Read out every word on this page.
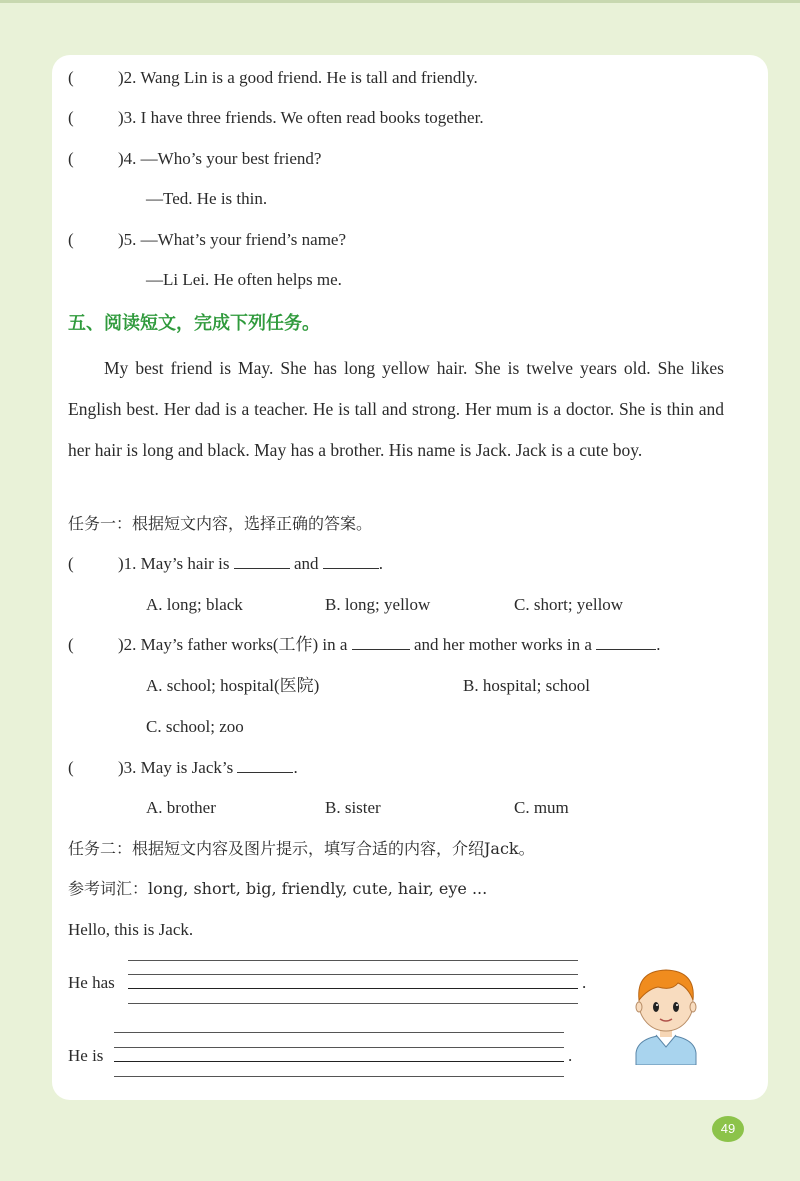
(	)2. Wang Lin is a good friend. He is tall and friendly.
(	)3. I have three friends. We often read books together.
(	)4. —Who’s your best friend?
—Ted. He is thin.
(	)5. —What’s your friend’s name?
—Li Lei. He often helps me.
五、阅读短文，完成下列任务。
My best friend is May. She has long yellow hair. She is twelve years old. She likes English best. Her dad is a teacher. He is tall and strong. Her mum is a doctor. She is thin and her hair is long and black. May has a brother. His name is Jack. Jack is a cute boy.
任务一：根据短文内容，选择正确的答案。
(	)1. May’s hair is	and	.
A. long; black	B. long; yellow	C. short; yellow
(	)2. May’s father works(工作) in a	and her mother works in a	.
A. school; hospital(医院)	B. hospital; school
C. school; zoo
(	)3. May is Jack’s	.
A. brother	B. sister	C. mum
任务二：根据短文内容及图片提示，填写合适的内容，介绍Jack。
参考词汇：long, short, big, friendly, cute, hair, eye ...
Hello, this is Jack.
He has	.
He is	.
49
